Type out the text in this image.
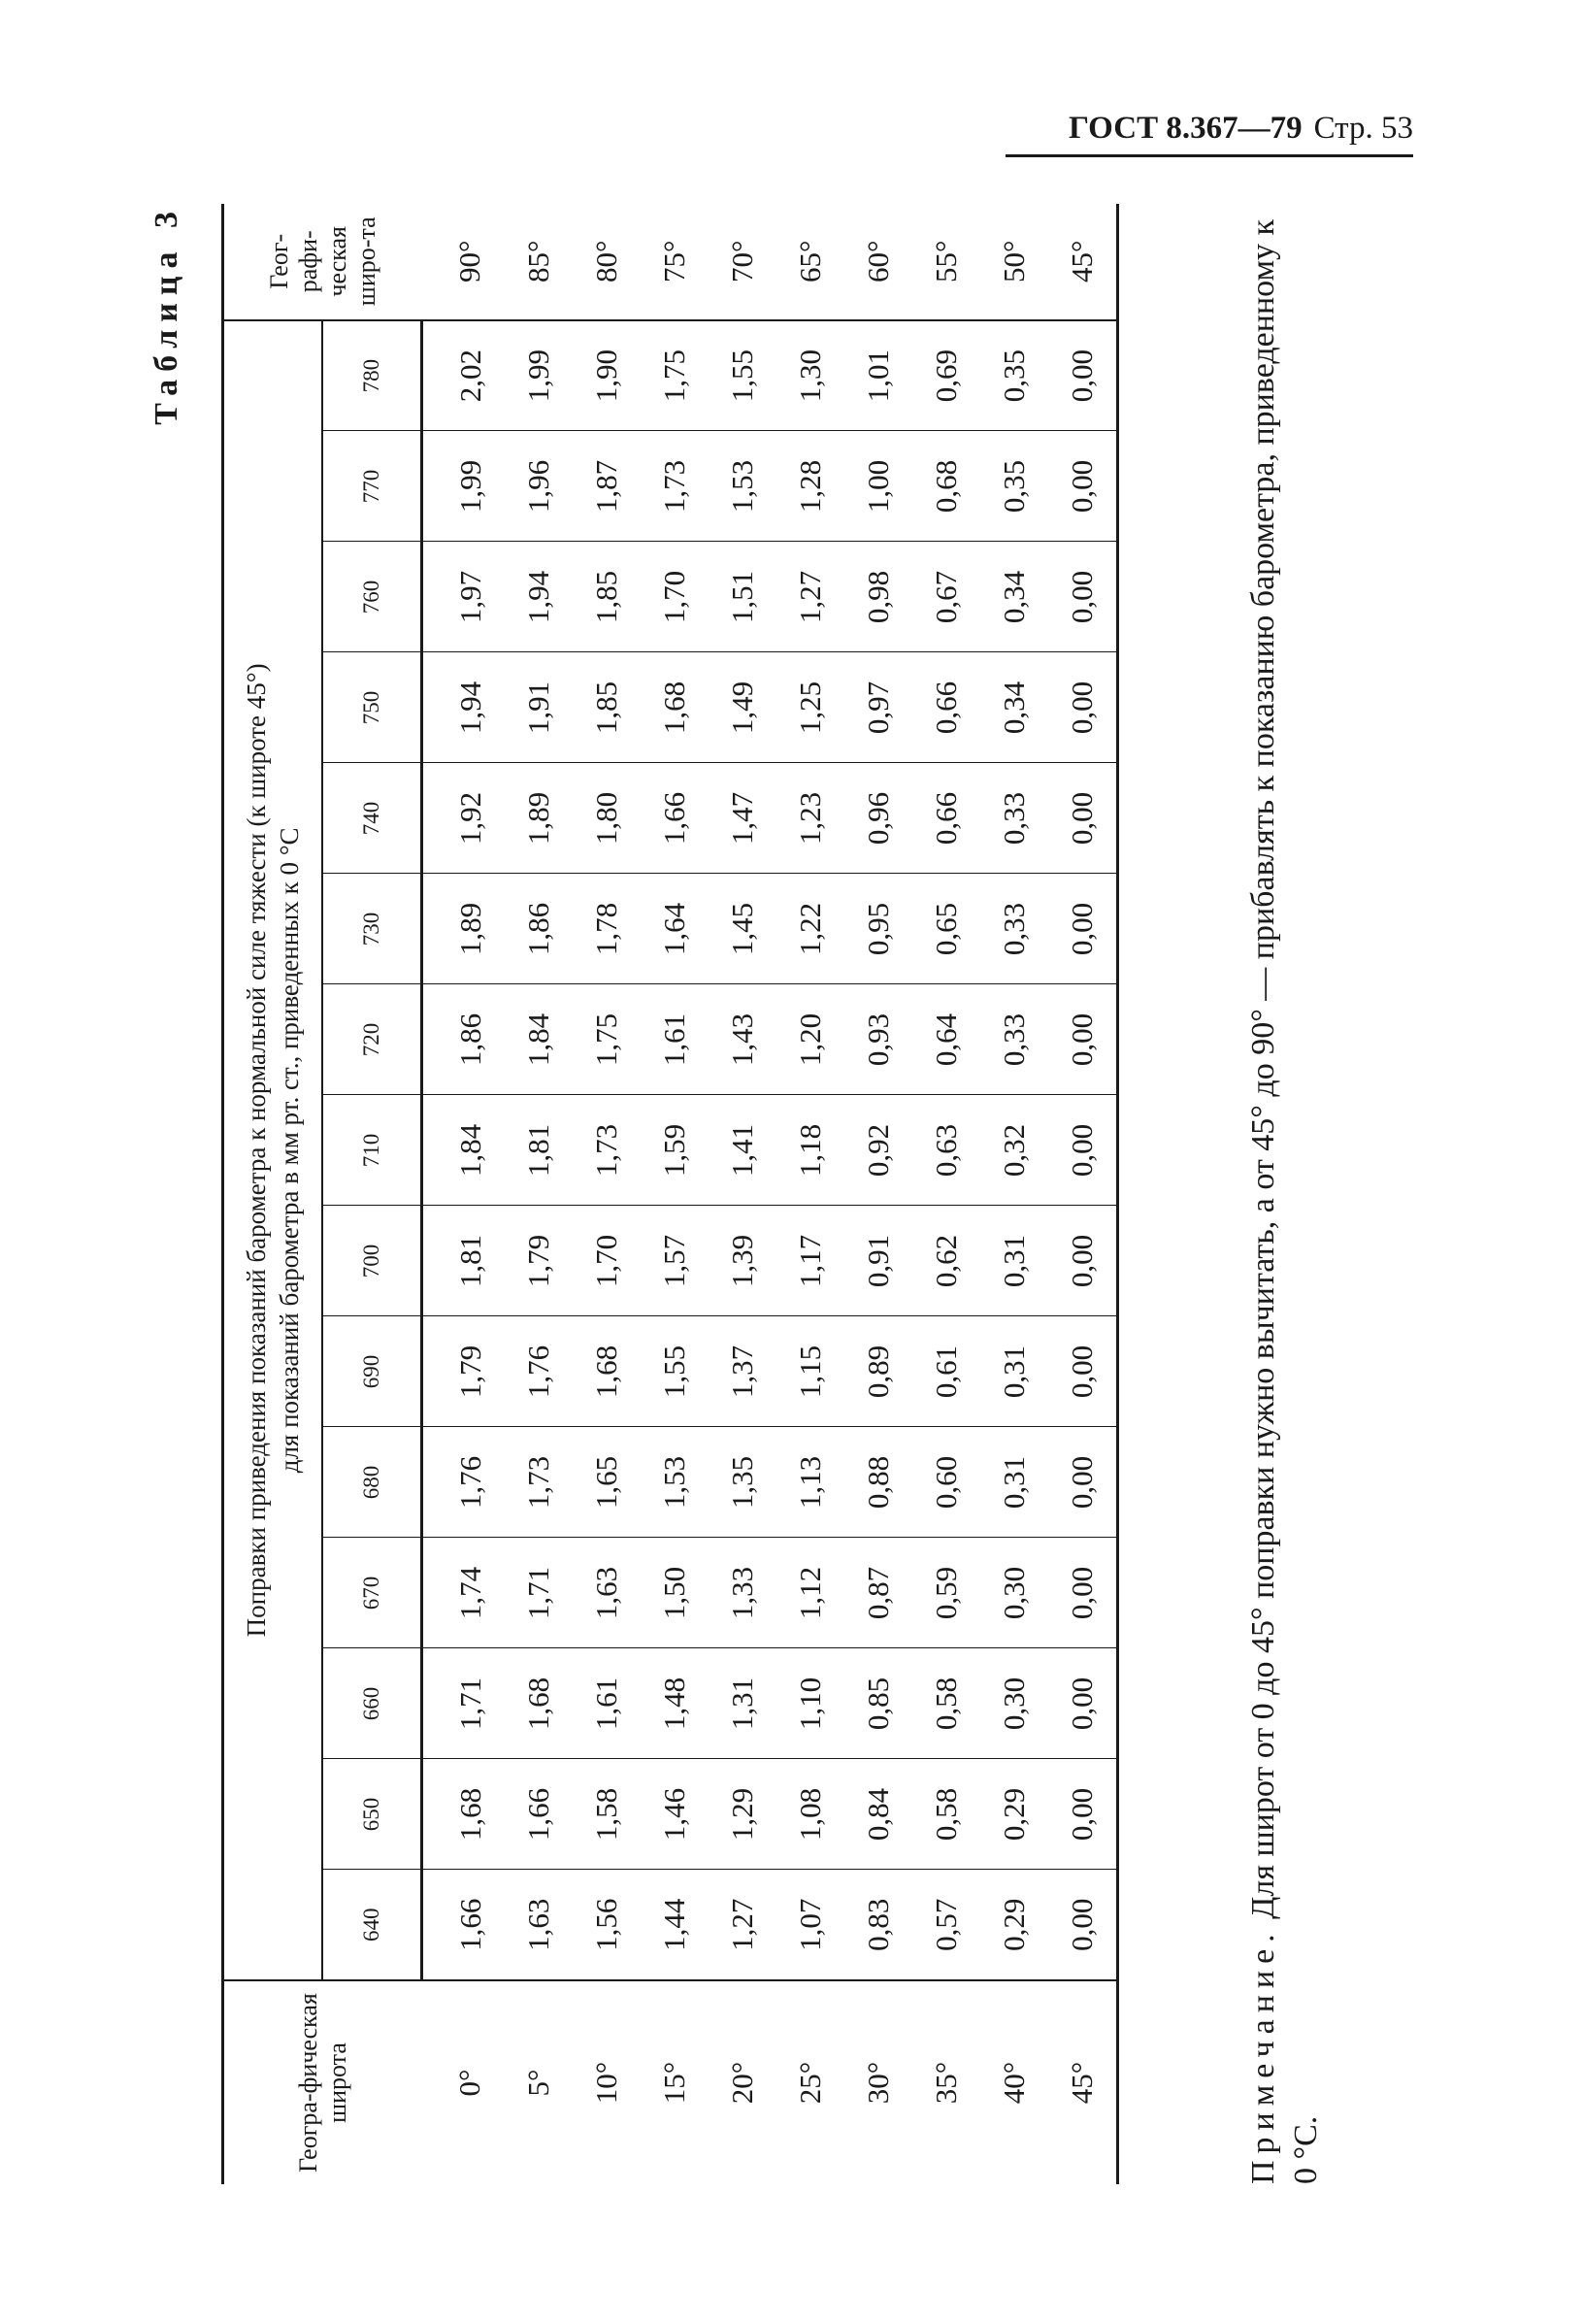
ГОСТ 8.367—79 Стр. 53
Таблица 3
Геогра-фическая широта	Поправки приведения показаний барометра к нормальной силе тяжести (к широте 45°) для показаний барометра в мм рт. ст., приведенных к 0 °С															Геог-рафи-ческая широ-та
	640	650	660	670	680	690	700	710	720	730	740	750	760	770	780	
0°	1,66	1,68	1,71	1,74	1,76	1,79	1,81	1,84	1,86	1,89	1,92	1,94	1,97	1,99	2,02	90°
5°	1,63	1,66	1,68	1,71	1,73	1,76	1,79	1,81	1,84	1,86	1,89	1,91	1,94	1,96	1,99	85°
10°	1,56	1,58	1,61	1,63	1,65	1,68	1,70	1,73	1,75	1,78	1,80	1,85	1,85	1,87	1,90	80°
15°	1,44	1,46	1,48	1,50	1,53	1,55	1,57	1,59	1,61	1,64	1,66	1,68	1,70	1,73	1,75	75°
20°	1,27	1,29	1,31	1,33	1,35	1,37	1,39	1,41	1,43	1,45	1,47	1,49	1,51	1,53	1,55	70°
25°	1,07	1,08	1,10	1,12	1,13	1,15	1,17	1,18	1,20	1,22	1,23	1,25	1,27	1,28	1,30	65°
30°	0,83	0,84	0,85	0,87	0,88	0,89	0,91	0,92	0,93	0,95	0,96	0,97	0,98	1,00	1,01	60°
35°	0,57	0,58	0,58	0,59	0,60	0,61	0,62	0,63	0,64	0,65	0,66	0,66	0,67	0,68	0,69	55°
40°	0,29	0,29	0,30	0,30	0,31	0,31	0,31	0,32	0,33	0,33	0,33	0,34	0,34	0,35	0,35	50°
45°	0,00	0,00	0,00	0,00	0,00	0,00	0,00	0,00	0,00	0,00	0,00	0,00	0,00	0,00	0,00	45°

Примечание. Для широт от 0 до 45° поправки нужно вычитать, а от 45° до 90° — прибавлять к показанию барометра, приведенному к 0 °С.
